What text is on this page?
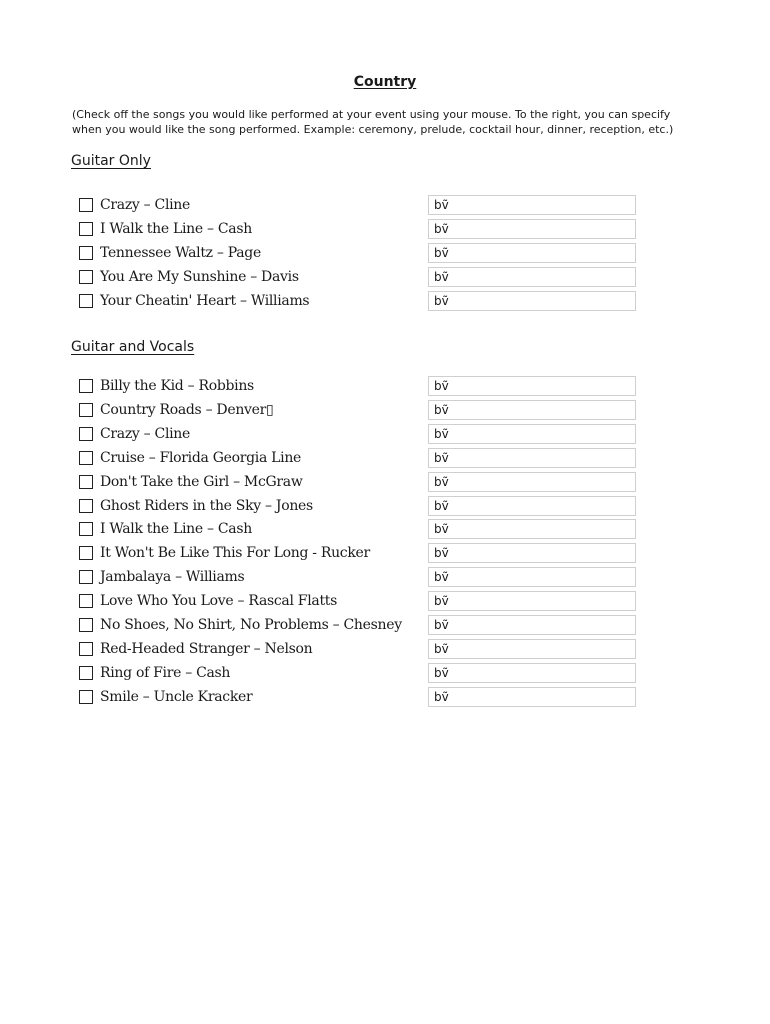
Country

(Check off the songs you would like performed at your event using your mouse. To the right, you can specify
when you would like the song performed. Example: ceremony, prelude, cocktail hour, dinner, reception, etc.)

Guitar Only
Crazy – Cline	bṽ
I Walk the Line – Cash	bṽ
Tennessee Waltz – Page	bṽ
You Are My Sunshine – Davis	bṽ
Your Cheatin' Heart – Williams	bṽ
Guitar and Vocals
Billy the Kid – Robbins	bṽ
Country Roads – Denver▯	bṽ
Crazy – Cline	bṽ
Cruise – Florida Georgia Line	bṽ
Don't Take the Girl – McGraw	bṽ
Ghost Riders in the Sky – Jones	bṽ
I Walk the Line – Cash	bṽ
It Won't Be Like This For Long - Rucker	bṽ
Jambalaya – Williams	bṽ
Love Who You Love – Rascal Flatts	bṽ
No Shoes, No Shirt, No Problems – Chesney	bṽ
Red-Headed Stranger – Nelson	bṽ
Ring of Fire – Cash	bṽ
Smile – Uncle Kracker	bṽ
